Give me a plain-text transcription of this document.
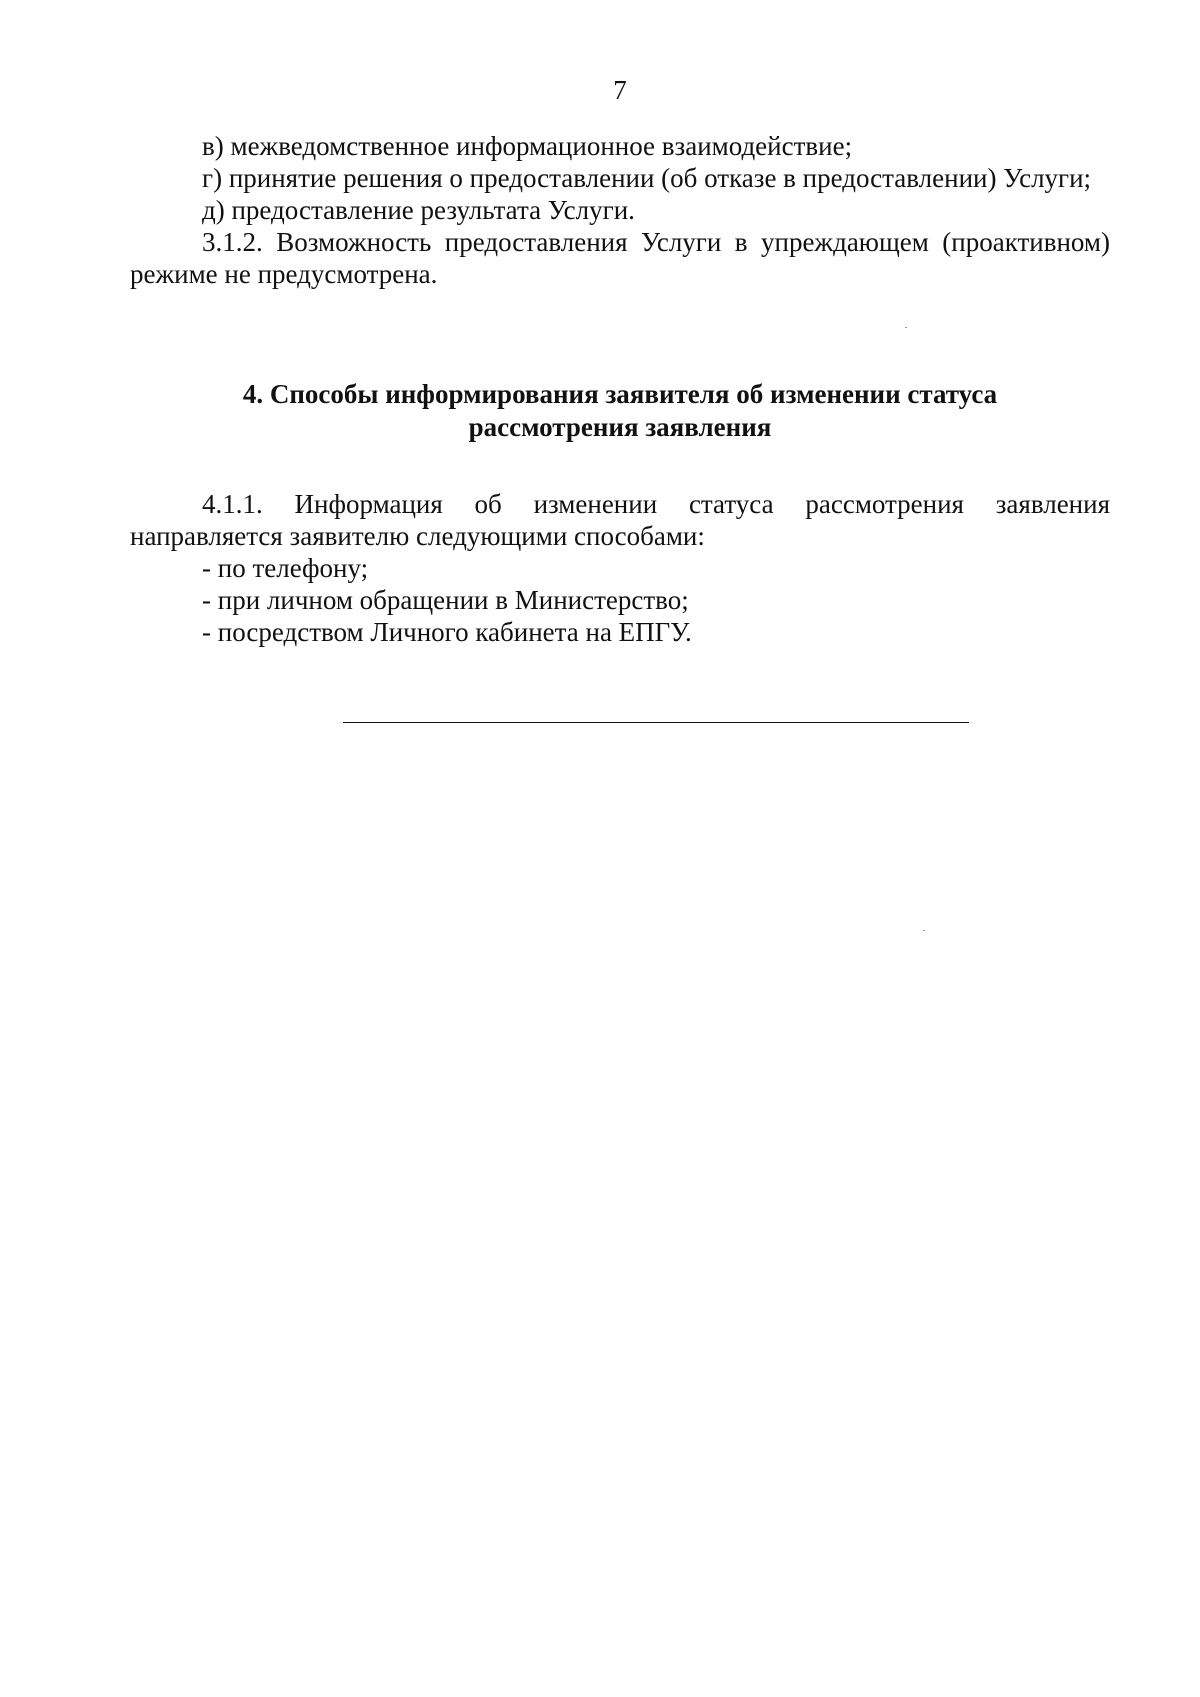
7

в) межведомственное информационное взаимодействие;

г) принятие решения о предоставлении (об отказе в предоставлении) Услуги;

д) предоставление результата Услуги.

3.1.2. Возможность предоставления Услуги в упреждающем (проактивном) режиме не предусмотрена.

4. Способы информирования заявителя об изменении статуса
рассмотрения заявления

4.1.1. Информация об изменении статуса рассмотрения заявления направляется заявителю следующими способами:

- по телефону;

- при личном обращении в Министерство;

- посредством Личного кабинета на ЕПГУ.
